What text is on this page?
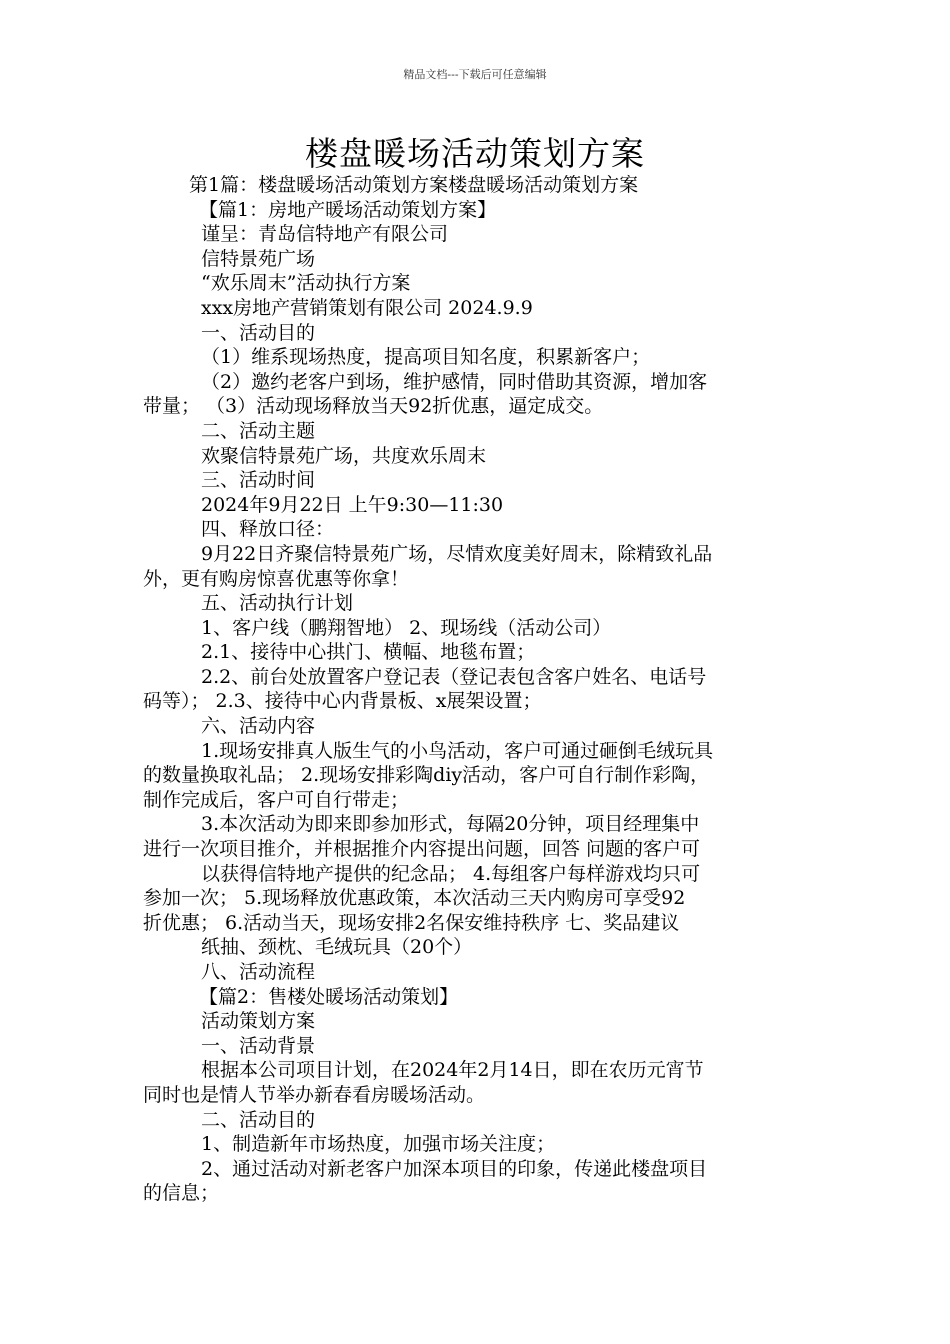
精品文档---下载后可任意编辑
楼盘暖场活动策划方案
第1篇：楼盘暖场活动策划方案楼盘暖场活动策划方案
【篇1：房地产暖场活动策划方案】
谨呈：青岛信特地产有限公司
信特景苑广场
“欢乐周末”活动执行方案
xxx房地产营销策划有限公司 2024.9.9
一、活动目的
（1）维系现场热度，提高项目知名度，积累新客户；
（2）邀约老客户到场，维护感情，同时借助其资源，增加客
带量； （3）活动现场释放当天92折优惠，逼定成交。
二、活动主题
欢聚信特景苑广场，共度欢乐周末
三、活动时间
2024年9月22日 上午9:30—11:30
四、释放口径：
9月22日齐聚信特景苑广场，尽情欢度美好周末，除精致礼品
外，更有购房惊喜优惠等你拿！
五、活动执行计划
1、客户线（鹏翔智地） 2、现场线（活动公司）
2.1、接待中心拱门、横幅、地毯布置；
2.2、前台处放置客户登记表（登记表包含客户姓名、电话号
码等）； 2.3、接待中心内背景板、x展架设置；
六、活动内容
1.现场安排真人版生气的小鸟活动，客户可通过砸倒毛绒玩具
的数量换取礼品； 2.现场安排彩陶diy活动，客户可自行制作彩陶，
制作完成后，客户可自行带走；
3.本次活动为即来即参加形式，每隔20分钟，项目经理集中
进行一次项目推介，并根据推介内容提出问题，回答 问题的客户可
以获得信特地产提供的纪念品； 4.每组客户每样游戏均只可
参加一次； 5.现场释放优惠政策，本次活动三天内购房可享受92
折优惠； 6.活动当天，现场安排2名保安维持秩序 七、奖品建议
纸抽、颈枕、毛绒玩具（20个）
八、活动流程
【篇2：售楼处暖场活动策划】
活动策划方案
一、活动背景
根据本公司项目计划，在2024年2月14日，即在农历元宵节
同时也是情人节举办新春看房暖场活动。
二、活动目的
1、制造新年市场热度，加强市场关注度；
2、通过活动对新老客户加深本项目的印象，传递此楼盘项目
的信息；
